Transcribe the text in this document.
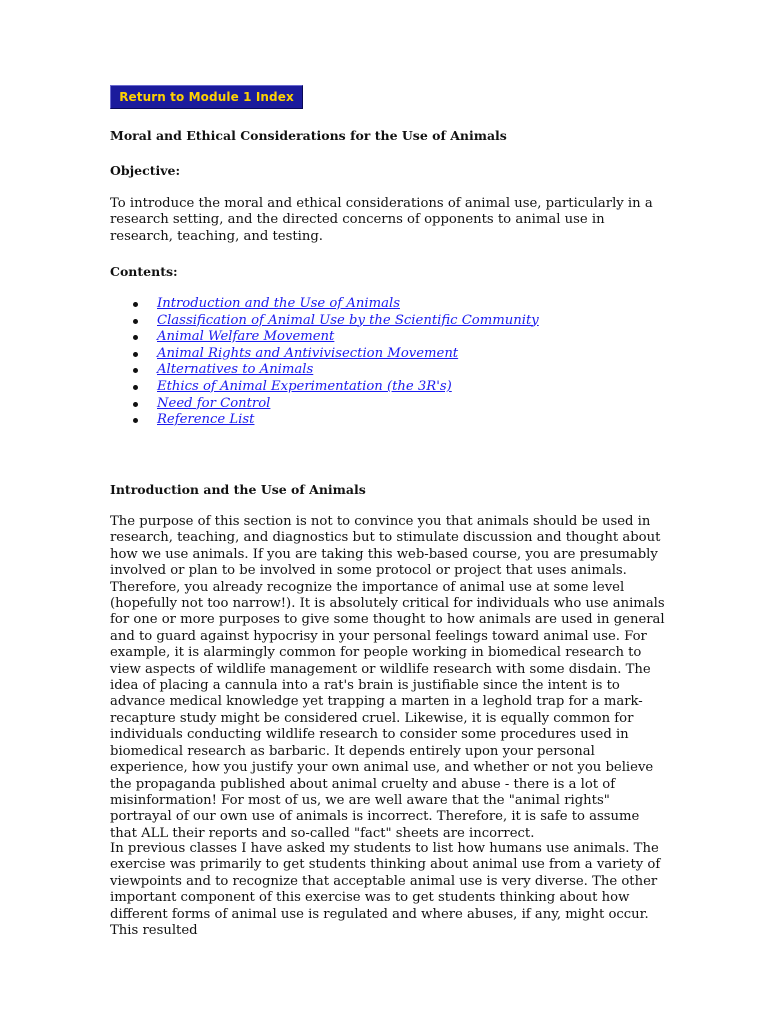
Return to Module 1 Index
Moral and Ethical Considerations for the Use of Animals
Objective:

To introduce the moral and ethical considerations of animal use, particularly in a research setting, and the directed concerns of opponents to animal use in research, teaching, and testing.

Contents:
Introduction and the Use of Animals
Classification of Animal Use by the Scientific Community
Animal Welfare Movement
Animal Rights and Antivivisection Movement
Alternatives to Animals
Ethics of Animal Experimentation (the 3R's)
Need for Control
Reference List
Introduction and the Use of Animals

The purpose of this section is not to convince you that animals should be used in research, teaching, and diagnostics but to stimulate discussion and thought about how we use animals. If you are taking this web-based course, you are presumably involved or plan to be involved in some protocol or project that uses animals. Therefore, you already recognize the importance of animal use at some level (hopefully not too narrow!). It is absolutely critical for individuals who use animals for one or more purposes to give some thought to how animals are used in general and to guard against hypocrisy in your personal feelings toward animal use. For example, it is alarmingly common for people working in biomedical research to view aspects of wildlife management or wildlife research with some disdain. The idea of placing a cannula into a rat's brain is justifiable since the intent is to advance medical knowledge yet trapping a marten in a leghold trap for a mark-recapture study might be considered cruel. Likewise, it is equally common for individuals conducting wildlife research to consider some procedures used in biomedical research as barbaric. It depends entirely upon your personal experience, how you justify your own animal use, and whether or not you believe the propaganda published about animal cruelty and abuse - there is a lot of misinformation! For most of us, we are well aware that the "animal rights" portrayal of our own use of animals is incorrect. Therefore, it is safe to assume that ALL their reports and so-called "fact" sheets are incorrect.

In previous classes I have asked my students to list how humans use animals. The exercise was primarily to get students thinking about animal use from a variety of viewpoints and to recognize that acceptable animal use is very diverse. The other important component of this exercise was to get students thinking about how different forms of animal use is regulated and where abuses, if any, might occur. This resulted
